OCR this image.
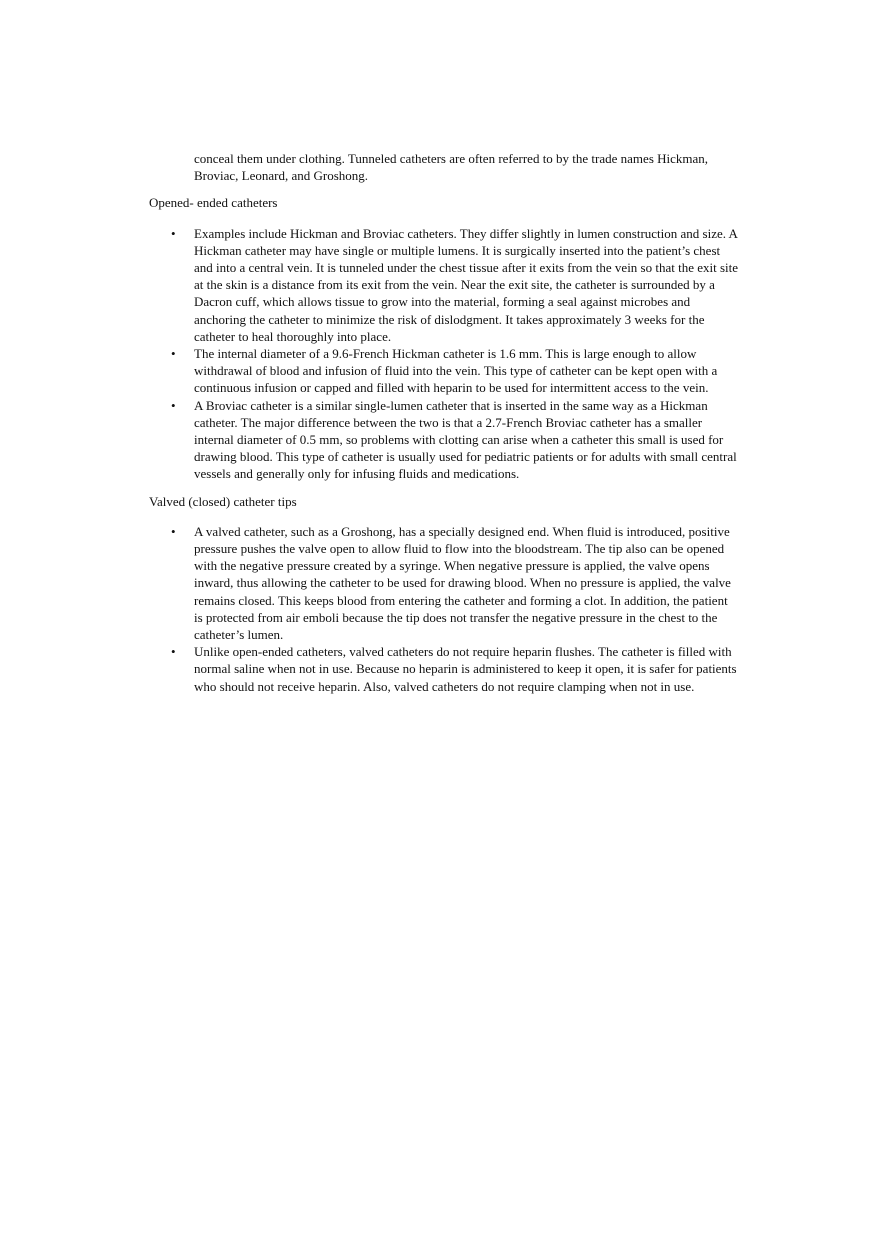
conceal them under clothing. Tunneled catheters are often referred to by the trade names Hickman, Broviac, Leonard, and Groshong.

Opened- ended catheters

• Examples include Hickman and Broviac catheters. They differ slightly in lumen construction and size. A Hickman catheter may have single or multiple lumens. It is surgically inserted into the patient’s chest and into a central vein. It is tunneled under the chest tissue after it exits from the vein so that the exit site at the skin is a distance from its exit from the vein. Near the exit site, the catheter is surrounded by a Dacron cuff, which allows tissue to grow into the material, forming a seal against microbes and anchoring the catheter to minimize the risk of dislodgment. It takes approximately 3 weeks for the catheter to heal thoroughly into place.
• The internal diameter of a 9.6-French Hickman catheter is 1.6 mm. This is large enough to allow withdrawal of blood and infusion of fluid into the vein. This type of catheter can be kept open with a continuous infusion or capped and filled with heparin to be used for intermittent access to the vein.
• A Broviac catheter is a similar single-lumen catheter that is inserted in the same way as a Hickman catheter. The major difference between the two is that a 2.7-French Broviac catheter has a smaller internal diameter of 0.5 mm, so problems with clotting can arise when a catheter this small is used for drawing blood. This type of catheter is usually used for pediatric patients or for adults with small central vessels and generally only for infusing fluids and medications.

Valved (closed) catheter tips

• A valved catheter, such as a Groshong, has a specially designed end. When fluid is introduced, positive pressure pushes the valve open to allow fluid to flow into the bloodstream. The tip also can be opened with the negative pressure created by a syringe. When negative pressure is applied, the valve opens inward, thus allowing the catheter to be used for drawing blood. When no pressure is applied, the valve remains closed. This keeps blood from entering the catheter and forming a clot. In addition, the patient is protected from air emboli because the tip does not transfer the negative pressure in the chest to the catheter’s lumen.
• Unlike open-ended catheters, valved catheters do not require heparin flushes. The catheter is filled with normal saline when not in use. Because no heparin is administered to keep it open, it is safer for patients who should not receive heparin. Also, valved catheters do not require clamping when not in use.
